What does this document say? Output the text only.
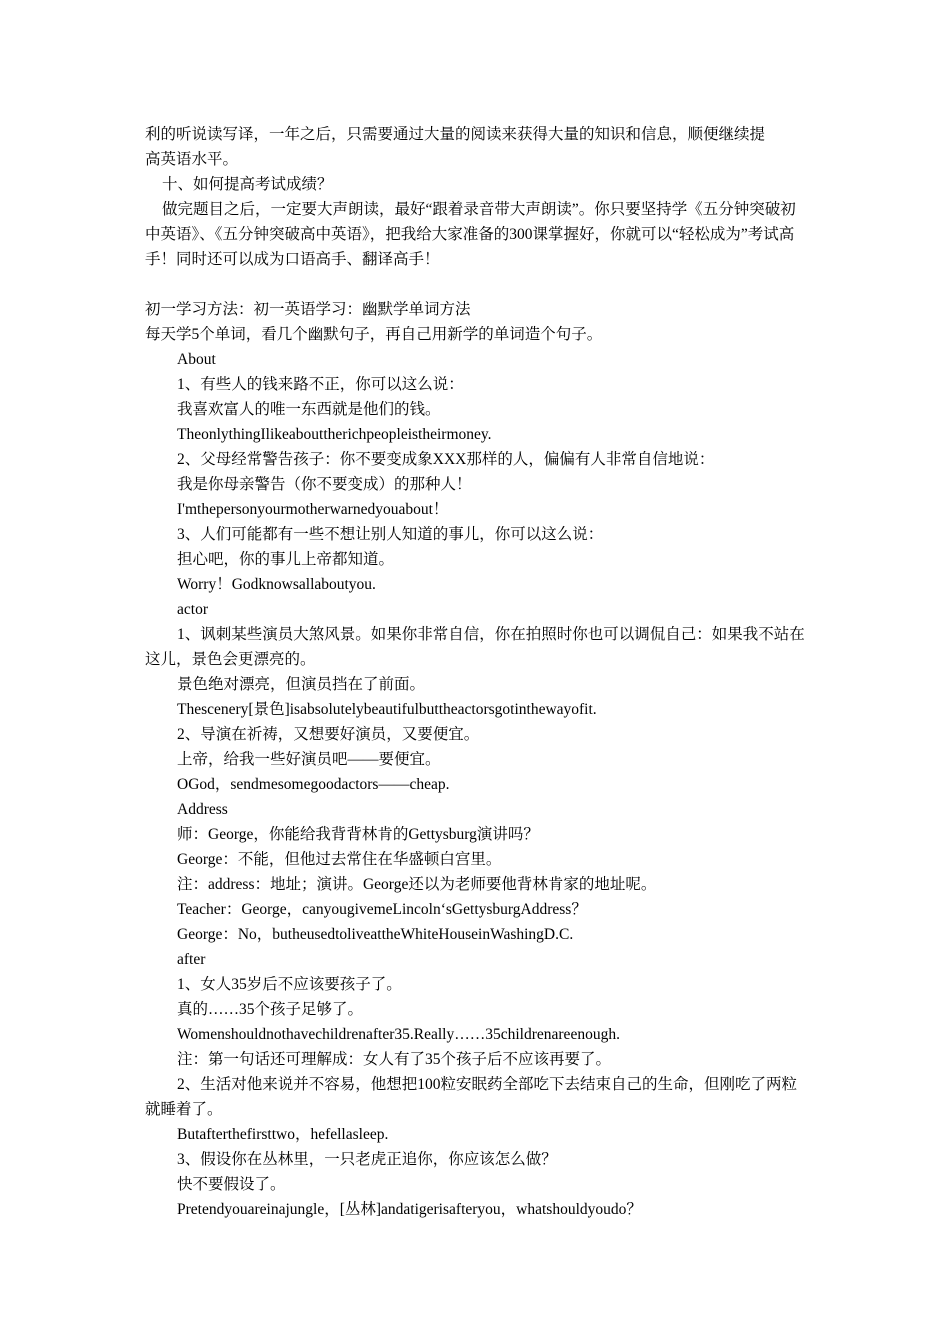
利的听说读写译，一年之后，只需要通过大量的阅读来获得大量的知识和信息，顺便继续提

高英语水平。

十、如何提高考试成绩？

做完题目之后，一定要大声朗读，最好“跟着录音带大声朗读”。你只要坚持学《五分钟突破初中英语》、《五分钟突破高中英语》，把我给大家准备的300课掌握好，你就可以“轻松成为”考试高手！同时还可以成为口语高手、翻译高手！

初一学习方法：初一英语学习：幽默学单词方法

每天学5个单词，看几个幽默句子，再自己用新学的单词造个句子。

About

1、有些人的钱来路不正，你可以这么说：

我喜欢富人的唯一东西就是他们的钱。

TheonlythingIlikeabouttherichpeopleistheirmoney.

2、父母经常警告孩子：你不要变成象XXX那样的人，偏偏有人非常自信地说：

我是你母亲警告（你不要变成）的那种人！

I'mthepersonyourmotherwarnedyouabout！

3、人们可能都有一些不想让别人知道的事儿，你可以这么说：

担心吧，你的事儿上帝都知道。

Worry！Godknowsallaboutyou.

actor

1、讽刺某些演员大煞风景。如果你非常自信，你在拍照时你也可以调侃自己：如果我不站在这儿，景色会更漂亮的。

景色绝对漂亮，但演员挡在了前面。

Thescenery[景色]isabsolutelybeautifulbuttheactorsgotinthewayofit.

2、导演在祈祷，又想要好演员，又要便宜。

上帝，给我一些好演员吧——要便宜。

OGod，sendmesomegoodactors——cheap.

Address

师：George，你能给我背背林肯的Gettysburg演讲吗？

George：不能，但他过去常住在华盛顿白宫里。

注：address：地址；演讲。George还以为老师要他背林肯家的地址呢。

Teacher：George，canyougivemeLincoln‘sGettysburgAddress？

George：No，butheusedtoliveattheWhiteHouseinWashingD.C.

after

1、女人35岁后不应该要孩子了。

真的……35个孩子足够了。

Womenshouldnothavechildrenafter35.Really……35childrenareenough.

注：第一句话还可理解成：女人有了35个孩子后不应该再要了。

2、生活对他来说并不容易，他想把100粒安眠药全部吃下去结束自己的生命，但刚吃了两粒就睡着了。

Butafterthefirsttwo，hefellasleep.

3、假设你在丛林里，一只老虎正追你，你应该怎么做？

快不要假设了。

Pretendyouareinajungle，[丛林]andatigerisafteryou，whatshouldyoudo？
